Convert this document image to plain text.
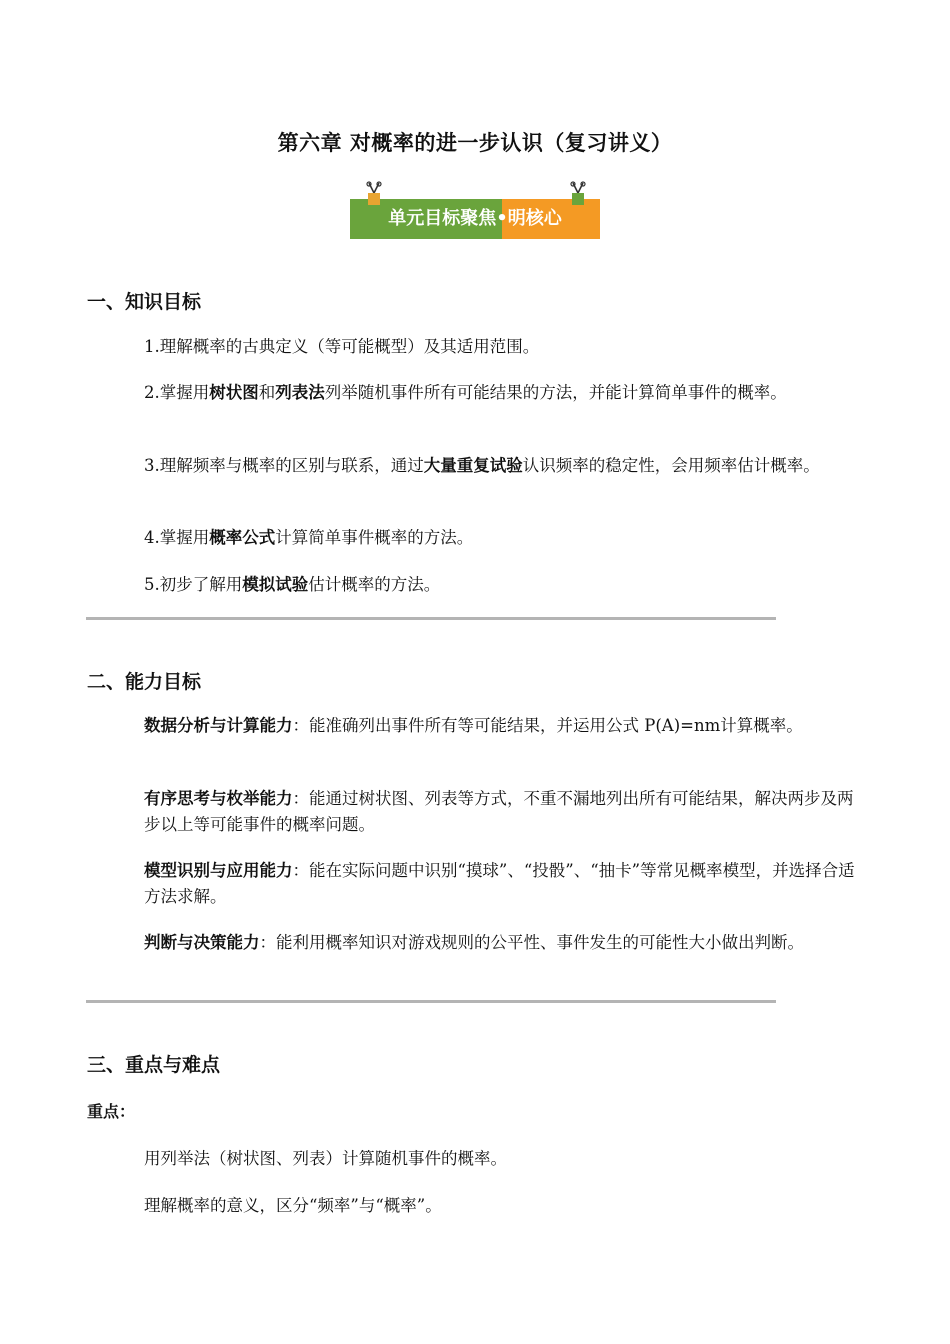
第六章 对概率的进一步认识（复习讲义）
单元目标聚焦•明核心
一、知识目标
1.理解概率的古典定义（等可能概型）及其适用范围。
2.掌握用树状图和列表法列举随机事件所有可能结果的方法，并能计算简单事件的概率。
3.理解频率与概率的区别与联系，通过大量重复试验认识频率的稳定性，会用频率估计概率。
4.掌握用概率公式计算简单事件概率的方法。
5.初步了解用模拟试验估计概率的方法。
二、能力目标
数据分析与计算能力：能准确列出事件所有等可能结果，并运用公式 P(A)=nm计算概率。
有序思考与枚举能力：能通过树状图、列表等方式，不重不漏地列出所有可能结果，解决两步及两步以上等可能事件的概率问题。
模型识别与应用能力：能在实际问题中识别“摸球”、“投骰”、“抽卡”等常见概率模型，并选择合适方法求解。
判断与决策能力：能利用概率知识对游戏规则的公平性、事件发生的可能性大小做出判断。
三、重点与难点
重点：
用列举法（树状图、列表）计算随机事件的概率。
理解概率的意义，区分“频率”与“概率”。
